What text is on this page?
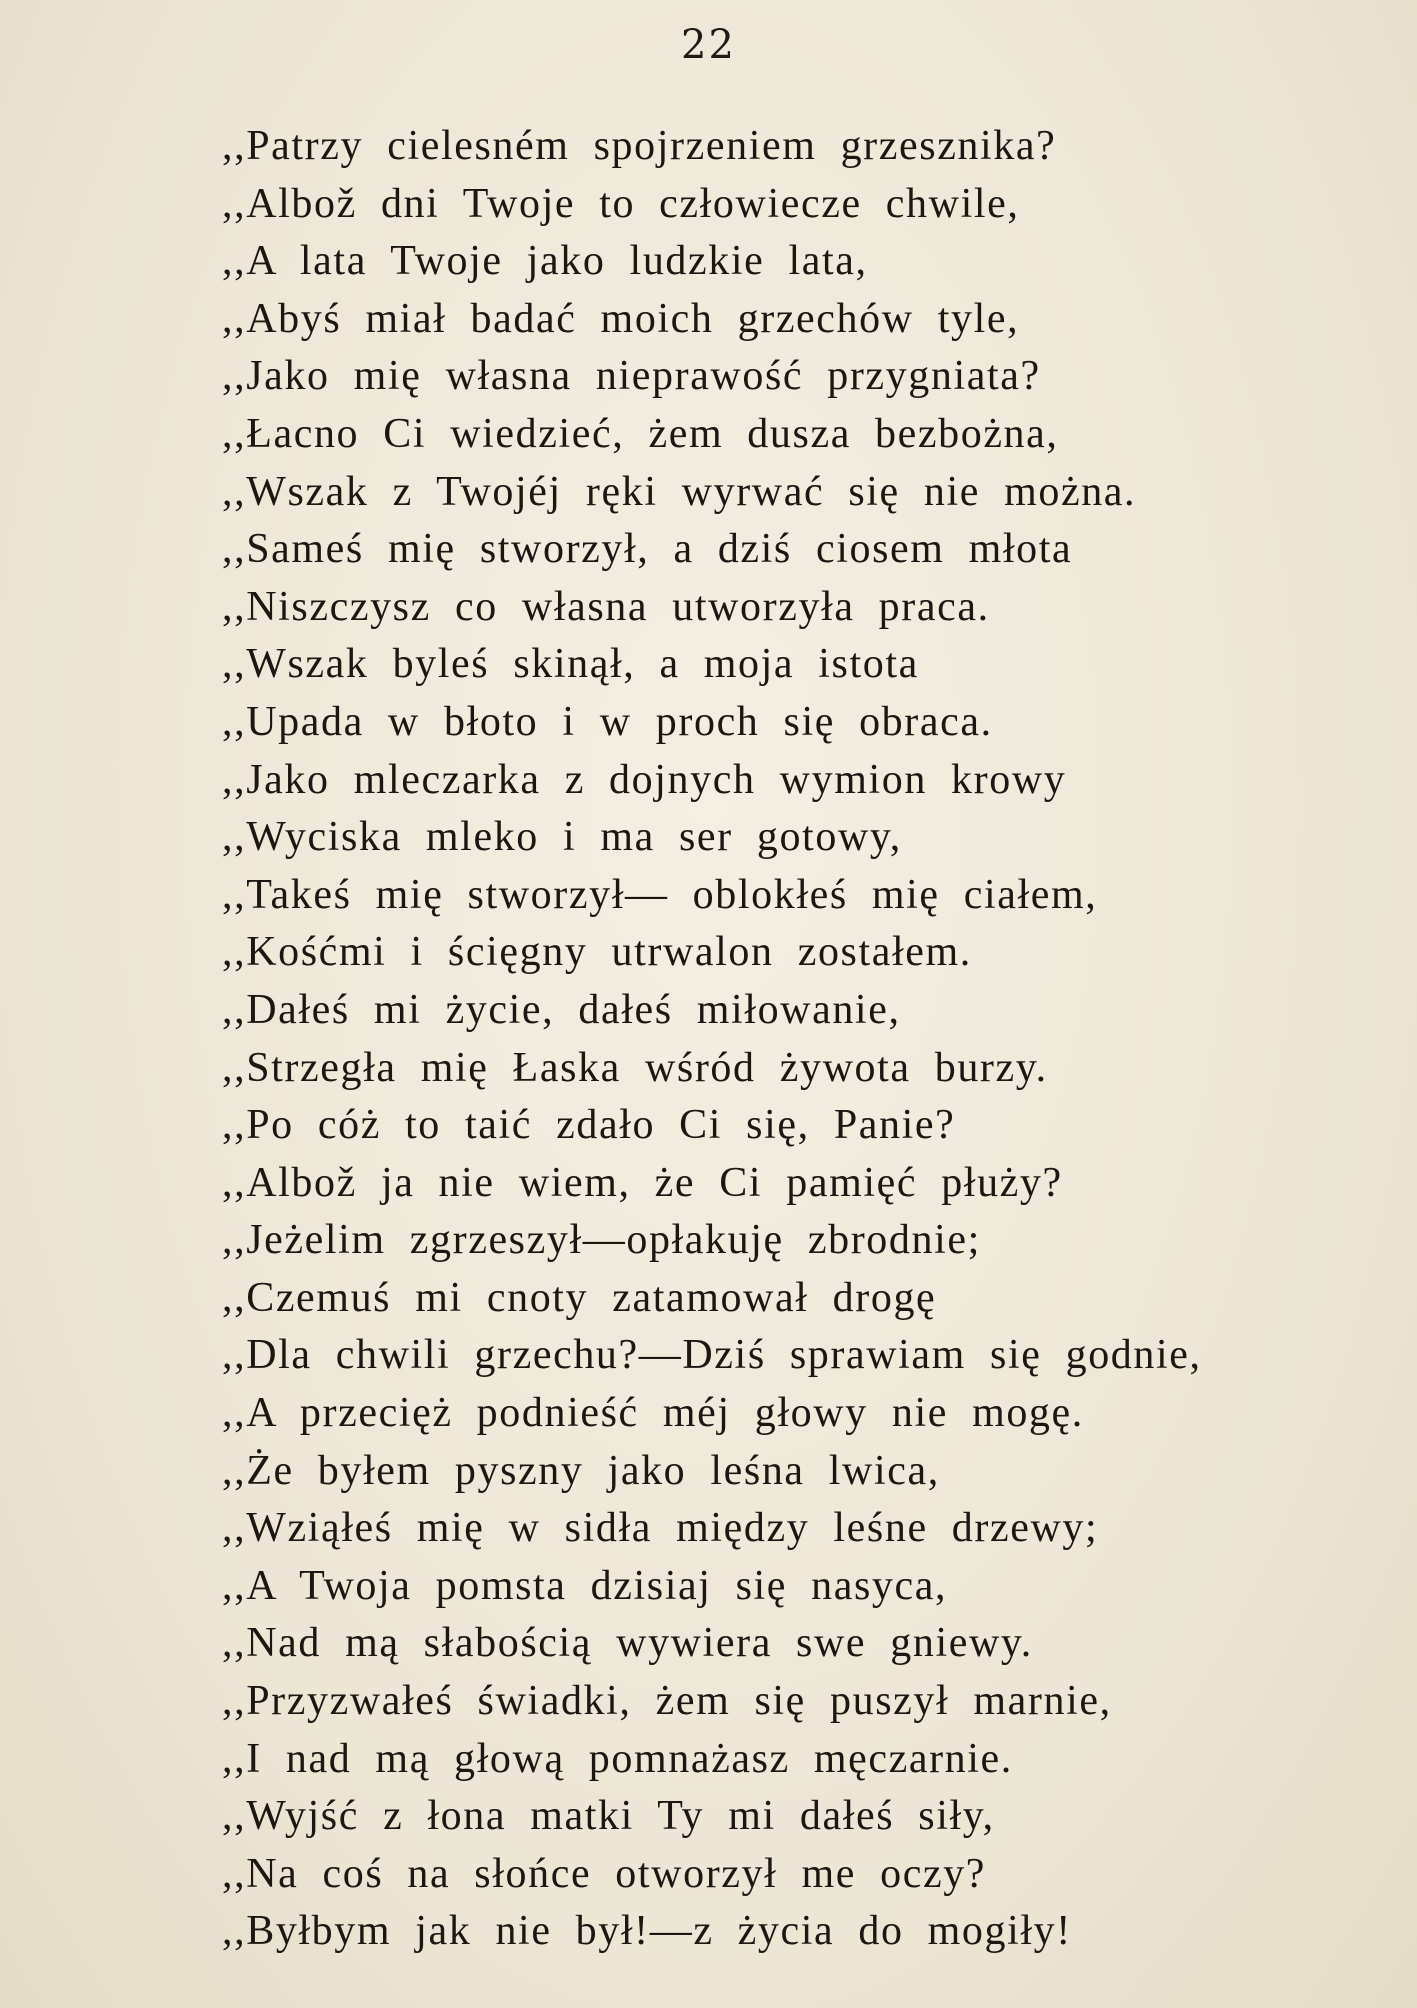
22
,,Patrzy cielesném spojrzeniem grzesznika?
,,Albož dni Twoje to człowiecze chwile,
,,A lata Twoje jako ludzkie lata,
,,Abyś miał badać moich grzechów tyle,
,,Jako mię własna nieprawość przygniata?
,,Łacno Ci wiedzieć, żem dusza bezbożna,
,,Wszak z Twojéj ręki wyrwać się nie można.
,,Sameś mię stworzył, a dziś ciosem młota
,,Niszczysz co własna utworzyła praca.
,,Wszak byleś skinął, a moja istota
,,Upada w błoto i w proch się obraca.
,,Jako mleczarka z dojnych wymion krowy
,,Wyciska mleko i ma ser gotowy,
,,Takeś mię stworzył— oblokłeś mię ciałem,
,,Kośćmi i ścięgny utrwalon zostałem.
,,Dałeś mi życie, dałeś miłowanie,
,,Strzegła mię Łaska wśród żywota burzy.
,,Po cóż to taić zdało Ci się, Panie?
,,Albož ja nie wiem, że Ci pamięć płuży?
,,Jeżelim zgrzeszył—opłakuję zbrodnie;
,,Czemuś mi cnoty zatamował drogę
,,Dla chwili grzechu?—Dziś sprawiam się godnie,
,,A przecięż podnieść méj głowy nie mogę.
,,Że byłem pyszny jako leśna lwica,
,,Wziąłeś mię w sidła między leśne drzewy;
,,A Twoja pomsta dzisiaj się nasyca,
,,Nad mą słabością wywiera swe gniewy.
,,Przyzwałeś świadki, żem się puszył marnie,
,,I nad mą głową pomnażasz męczarnie.
,,Wyjść z łona matki Ty mi dałeś siły,
,,Na coś na słońce otworzył me oczy?
,,Byłbym jak nie był!—z życia do mogiły!
